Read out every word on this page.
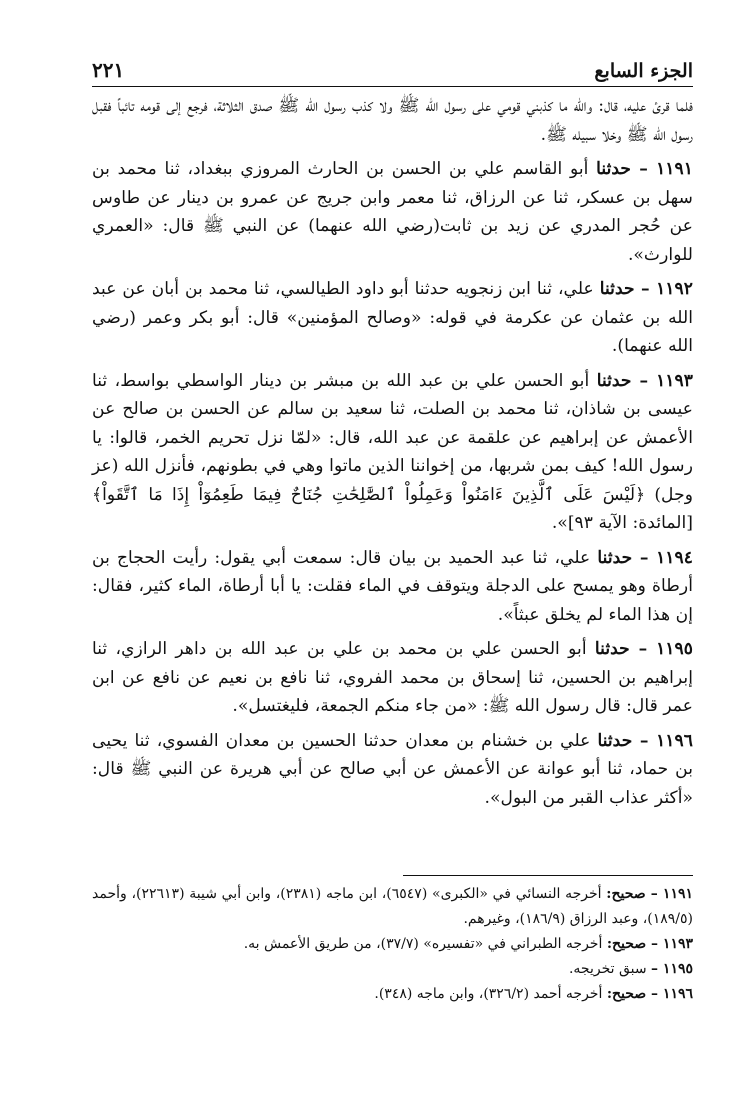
الجزء السابع
٢٢١

فلما قرئ عليه، قال: والله ما كذبني قومي على رسول الله ﷺ ولا كذب رسول الله ﷺ صدق الثلاثة، فرجع إلى قومه تائباً فقبل رسول الله ﷺ وخلا سبيله ﷺ.

١١٩١ – حدثنا أبو القاسم علي بن الحسن بن الحارث المروزي ببغداد، ثنا محمد بن سهل بن عسكر، ثنا عن الرزاق، ثنا معمر وابن جريج عن عمرو بن دينار عن طاوس عن حُجر المدري عن زيد بن ثابت(رضي الله عنهما) عن النبي ﷺ قال: «العمري للوارث».

١١٩٢ – حدثنا علي، ثنا ابن زنجويه حدثنا أبو داود الطيالسي، ثنا محمد بن أبان عن عبد الله بن عثمان عن عكرمة في قوله: «وصالح المؤمنين» قال: أبو بكر وعمر (رضي الله عنهما).

١١٩٣ – حدثنا أبو الحسن علي بن عبد الله بن مبشر بن دينار الواسطي بواسط، ثنا عيسى بن شاذان، ثنا محمد بن الصلت، ثنا سعيد بن سالم عن الحسن بن صالح عن الأعمش عن إبراهيم عن علقمة عن عبد الله، قال: «لمّا نزل تحريم الخمر، قالوا: يا رسول الله! كيف بمن شربها، من إخواننا الذين ماتوا وهي في بطونهم، فأنزل الله (عز وجل) ﴿لَيْسَ عَلَى ٱلَّذِينَ ءَامَنُواْ وَعَمِلُواْ ٱلصَّٰلِحَٰتِ جُنَاحٌ فِيمَا طَعِمُوٓاْ إِذَا مَا ٱتَّقَواْ﴾ [المائدة: الآية ٩٣]».

١١٩٤ – حدثنا علي، ثنا عبد الحميد بن بيان قال: سمعت أبي يقول: رأيت الحجاج بن أرطاة وهو يمسح على الدجلة ويتوقف في الماء فقلت: يا أبا أرطاة، الماء كثير، فقال: إن هذا الماء لم يخلق عبثاً».

١١٩٥ – حدثنا أبو الحسن علي بن محمد بن علي بن عبد الله بن داهر الرازي، ثنا إبراهيم بن الحسين، ثنا إسحاق بن محمد الفروي، ثنا نافع بن نعيم عن نافع عن ابن عمر قال: قال رسول الله ﷺ: «من جاء منكم الجمعة، فليغتسل».

١١٩٦ – حدثنا علي بن خشنام بن معدان حدثنا الحسين بن معدان الفسوي، ثنا يحيى بن حماد، ثنا أبو عوانة عن الأعمش عن أبي صالح عن أبي هريرة عن النبي ﷺ قال: «أكثر عذاب القبر من البول».

١١٩١ – صحيح: أخرجه النسائي في «الكبرى» (٦٥٤٧)، ابن ماجه (٢٣٨١)، وابن أبي شيبة (٢٢٦١٣)، وأحمد (١٨٩/٥)، وعبد الرزاق (١٨٦/٩)، وغيرهم.

١١٩٣ – صحيح: أخرجه الطبراني في «تفسيره» (٣٧/٧)، من طريق الأعمش به.

١١٩٥ – سبق تخريجه.

١١٩٦ – صحيح: أخرجه أحمد (٣٢٦/٢)، وابن ماجه (٣٤٨).
